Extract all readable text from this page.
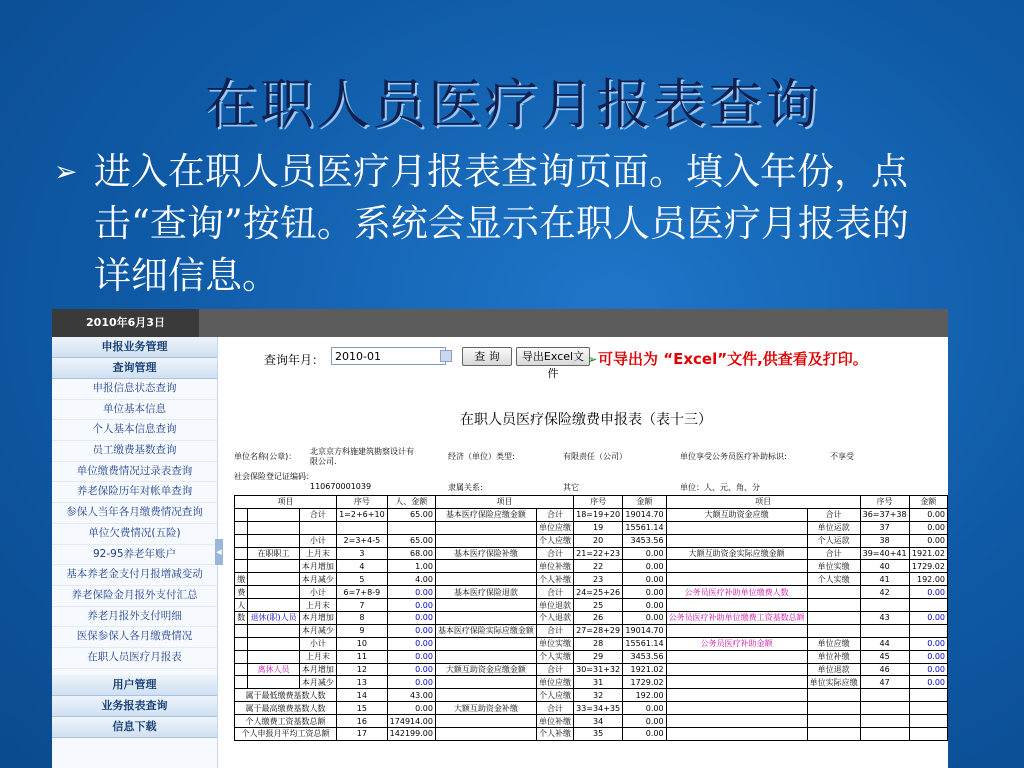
在职人员医疗月报表查询
➢ 进入在职人员医疗月报表查询页面。填入年份，点击“查询”按钮。系统会显示在职人员医疗月报表的详细信息。
2010年6月3日
申报业务管理
查询管理
申报信息状态查询
单位基本信息
个人基本信息查询
员工缴费基数查询
单位缴费情况过录表查询
养老保险历年对帐单查询
参保人当年各月缴费情况查询
单位欠费情况(五险)
92-95养老年账户
基本养老金支付月报增减变动
养老保险金月报外支付汇总
养老月报外支付明细
医保参保人各月缴费情况
在职人员医疗月报表
用户管理
业务报表查询
信息下载
◀
查询年月： 2010-01	查 询	导出Excel文件
➢ 可导出为 “Excel”文件,供查看及打印。
在职人员医疗保险缴费申报表（表十三）
单位名称(公章)：
北京京方科施建筑勘察设计有限公司.
社会保险登记证编码：
110670001039
经济（单位）类型:	有限责任（公司）
隶属关系:	其它
单位享受公务员医疗补助标识:	不享受
单位：人、元、角、分
项目			序号	人、金额	项目		序号	金额	项目		序号	金额
		合计	1=2+6+10	65.00	基本医疗保险应缴金额	合计	18=19+20	19014.70	大额互助资金应缴	合计	36=37+38	0.00
						单位应缴	19	15561.14		单位运款	37	0.00
		小计	2=3+4-5	65.00		个人应缴	20	3453.56		个人运款	38	0.00
	在职职工	上月末	3	68.00	基本医疗保险补缴	合计	21=22+23	0.00	大额互助资金实际应缴金额	合计	39=40+41	1921.02
		本月增加	4	1.00		单位补缴	22	0.00		单位实缴	40	1729.02
缴		本月减少	5	4.00		个人补缴	23	0.00		个人实缴	41	192.00
费		小计	6=7+8-9	0.00	基本医疗保险退款	合计	24=25+26	0.00	公务员医疗补助单位缴费人数		42	0.00
人		上月末	7	0.00		单位退款	25	0.00				
数	退休(职)人员	本月增加	8	0.00		个人退款	26	0.00	公务员医疗补助单位缴费工资基数总额		43	0.00
		本月减少	9	0.00	基本医疗保险实际应缴金额	合计	27=28+29	19014.70				
		小计	10	0.00		单位实缴	28	15561.14	公务员医疗补助金额	单位应缴	44	0.00
		上月末	11	0.00		个人实缴	29	3453.56		单位补缴	45	0.00
	离休人员	本月增加	12	0.00	大额互助资金应缴金额	合计	30=31+32	1921.02		单位退款	46	0.00
		本月减少	13	0.00		单位应缴	31	1729.02		单位实际应缴	47	0.00
属于最低缴费基数人数			14	43.00		个人应缴	32	192.00				
属于最高缴费基数人数			15	0.00	大额互助资金补缴	合计	33=34+35	0.00				
个人缴费工资基数总额			16	174914.00		单位补缴	34	0.00				
个人申报月平均工资总额			17	142199.00		个人补缴	35	0.00				
